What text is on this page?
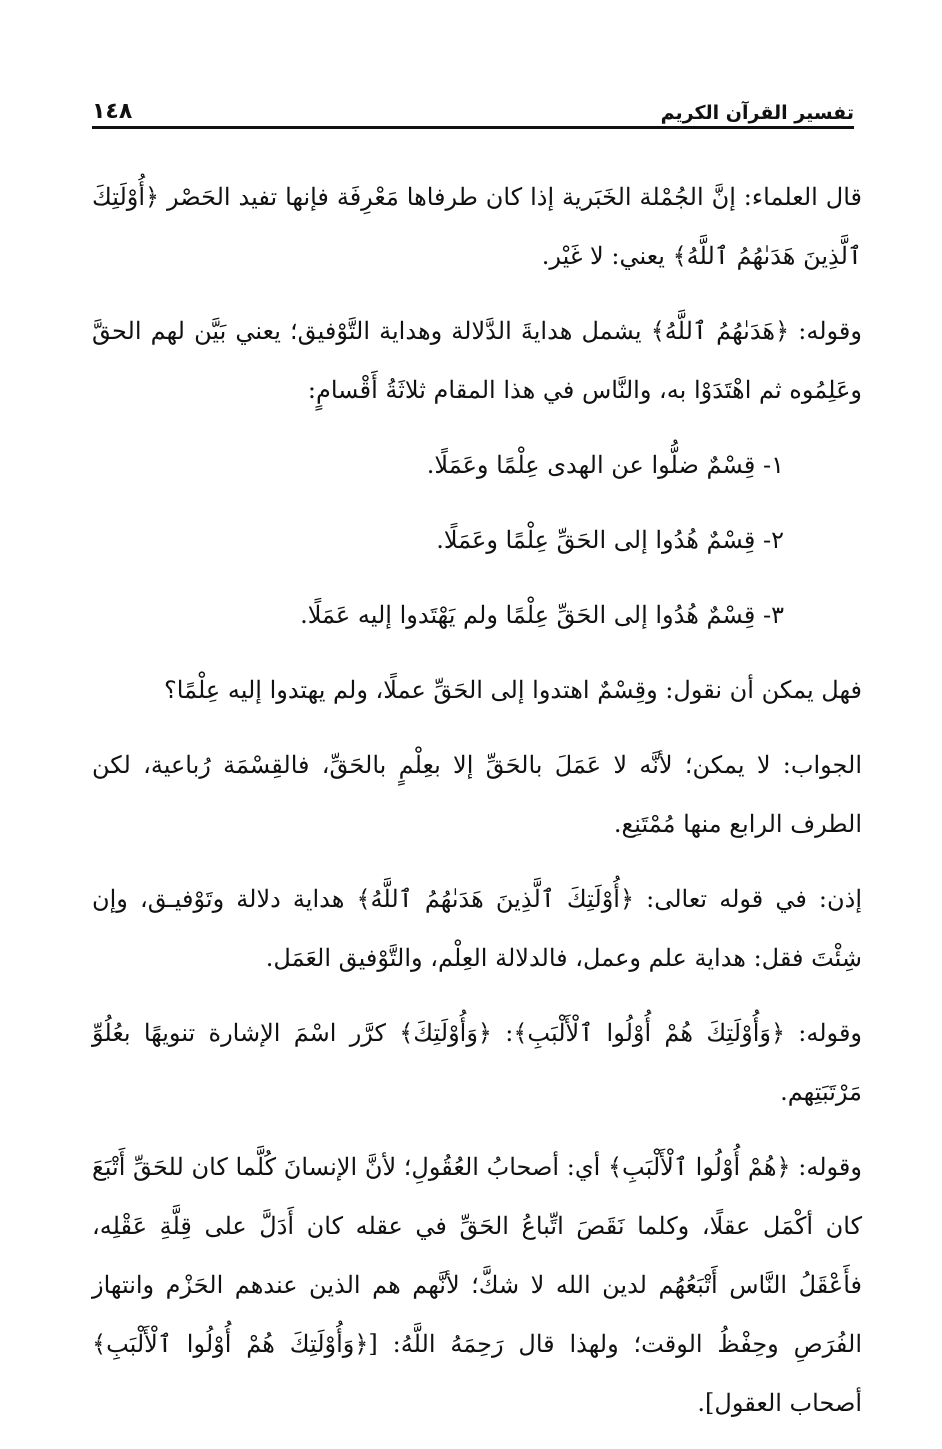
تفسير القرآن الكريم
١٤٨

قال العلماء: إنَّ الجُمْلة الخَبَرية إذا كان طرفاها مَعْرِفَة فإنها تفيد الحَصْر ﴿أُوْلَتِكَ ٱلَّذِينَ هَدَىٰهُمُ ٱللَّهُ﴾ يعني: لا غَيْر.

وقوله: ﴿هَدَىٰهُمُ ٱللَّهُ﴾ يشمل هدايةَ الدَّلالة وهداية التَّوْفيق؛ يعني بَيَّن لهم الحقَّ وعَلِمُوه ثم اهْتَدَوْا به، والنَّاس في هذا المقام ثلاثَةُ أَقْسامٍ:

١- قِسْمٌ ضلُّوا عن الهدى عِلْمًا وعَمَلًا.

٢- قِسْمٌ هُدُوا إلى الحَقِّ عِلْمًا وعَمَلًا.

٣- قِسْمٌ هُدُوا إلى الحَقِّ عِلْمًا ولم يَهْتَدوا إليه عَمَلًا.

فهل يمكن أن نقول: وقِسْمٌ اهتدوا إلى الحَقِّ عملًا، ولم يهتدوا إليه عِلْمًا؟

الجواب: لا يمكن؛ لأنَّه لا عَمَلَ بالحَقِّ إلا بعِلْمٍ بالحَقِّ، فالقِسْمَة رُباعية، لكن الطرف الرابع منها مُمْتَنِع.

إذن: في قوله تعالى: ﴿أُوْلَتِكَ ٱلَّذِينَ هَدَىٰهُمُ ٱللَّهُ﴾ هداية دلالة وتَوْفيـق، وإن شِئْتَ فقل: هداية علم وعمل، فالدلالة العِلْم، والتَّوْفيق العَمَل.

وقوله: ﴿وَأُوْلَتِكَ هُمْ أُوْلُوا ٱلْأَلْبَبِ﴾: ﴿وَأُوْلَتِكَ﴾ كرَّر اسْمَ الإشارة تنويهًا بعُلُوِّ مَرْتَبَتِهم.

وقوله: ﴿هُمْ أُوْلُوا ٱلْأَلْبَبِ﴾ أي: أصحابُ العُقُولِ؛ لأنَّ الإنسانَ كُلَّما كان للحَقِّ أَتْبَعَ كان أكْمَل عقلًا، وكلما نَقَصَ اتِّباعُ الحَقِّ في عقله كان أَدَلَّ على قِلَّةِ عَقْلِه، فأَعْقَلُ النَّاس أَتْبَعُهُم لدين الله لا شكَّ؛ لأنَّهم هم الذين عندهم الحَزْم وانتهاز الفُرَصِ وحِفْظُ الوقت؛ ولهذا قال رَحِمَهُ اللَّهُ: [﴿وَأُوْلَتِكَ هُمْ أُوْلُوا ٱلْأَلْبَبِ﴾ أصحاب العقول].
